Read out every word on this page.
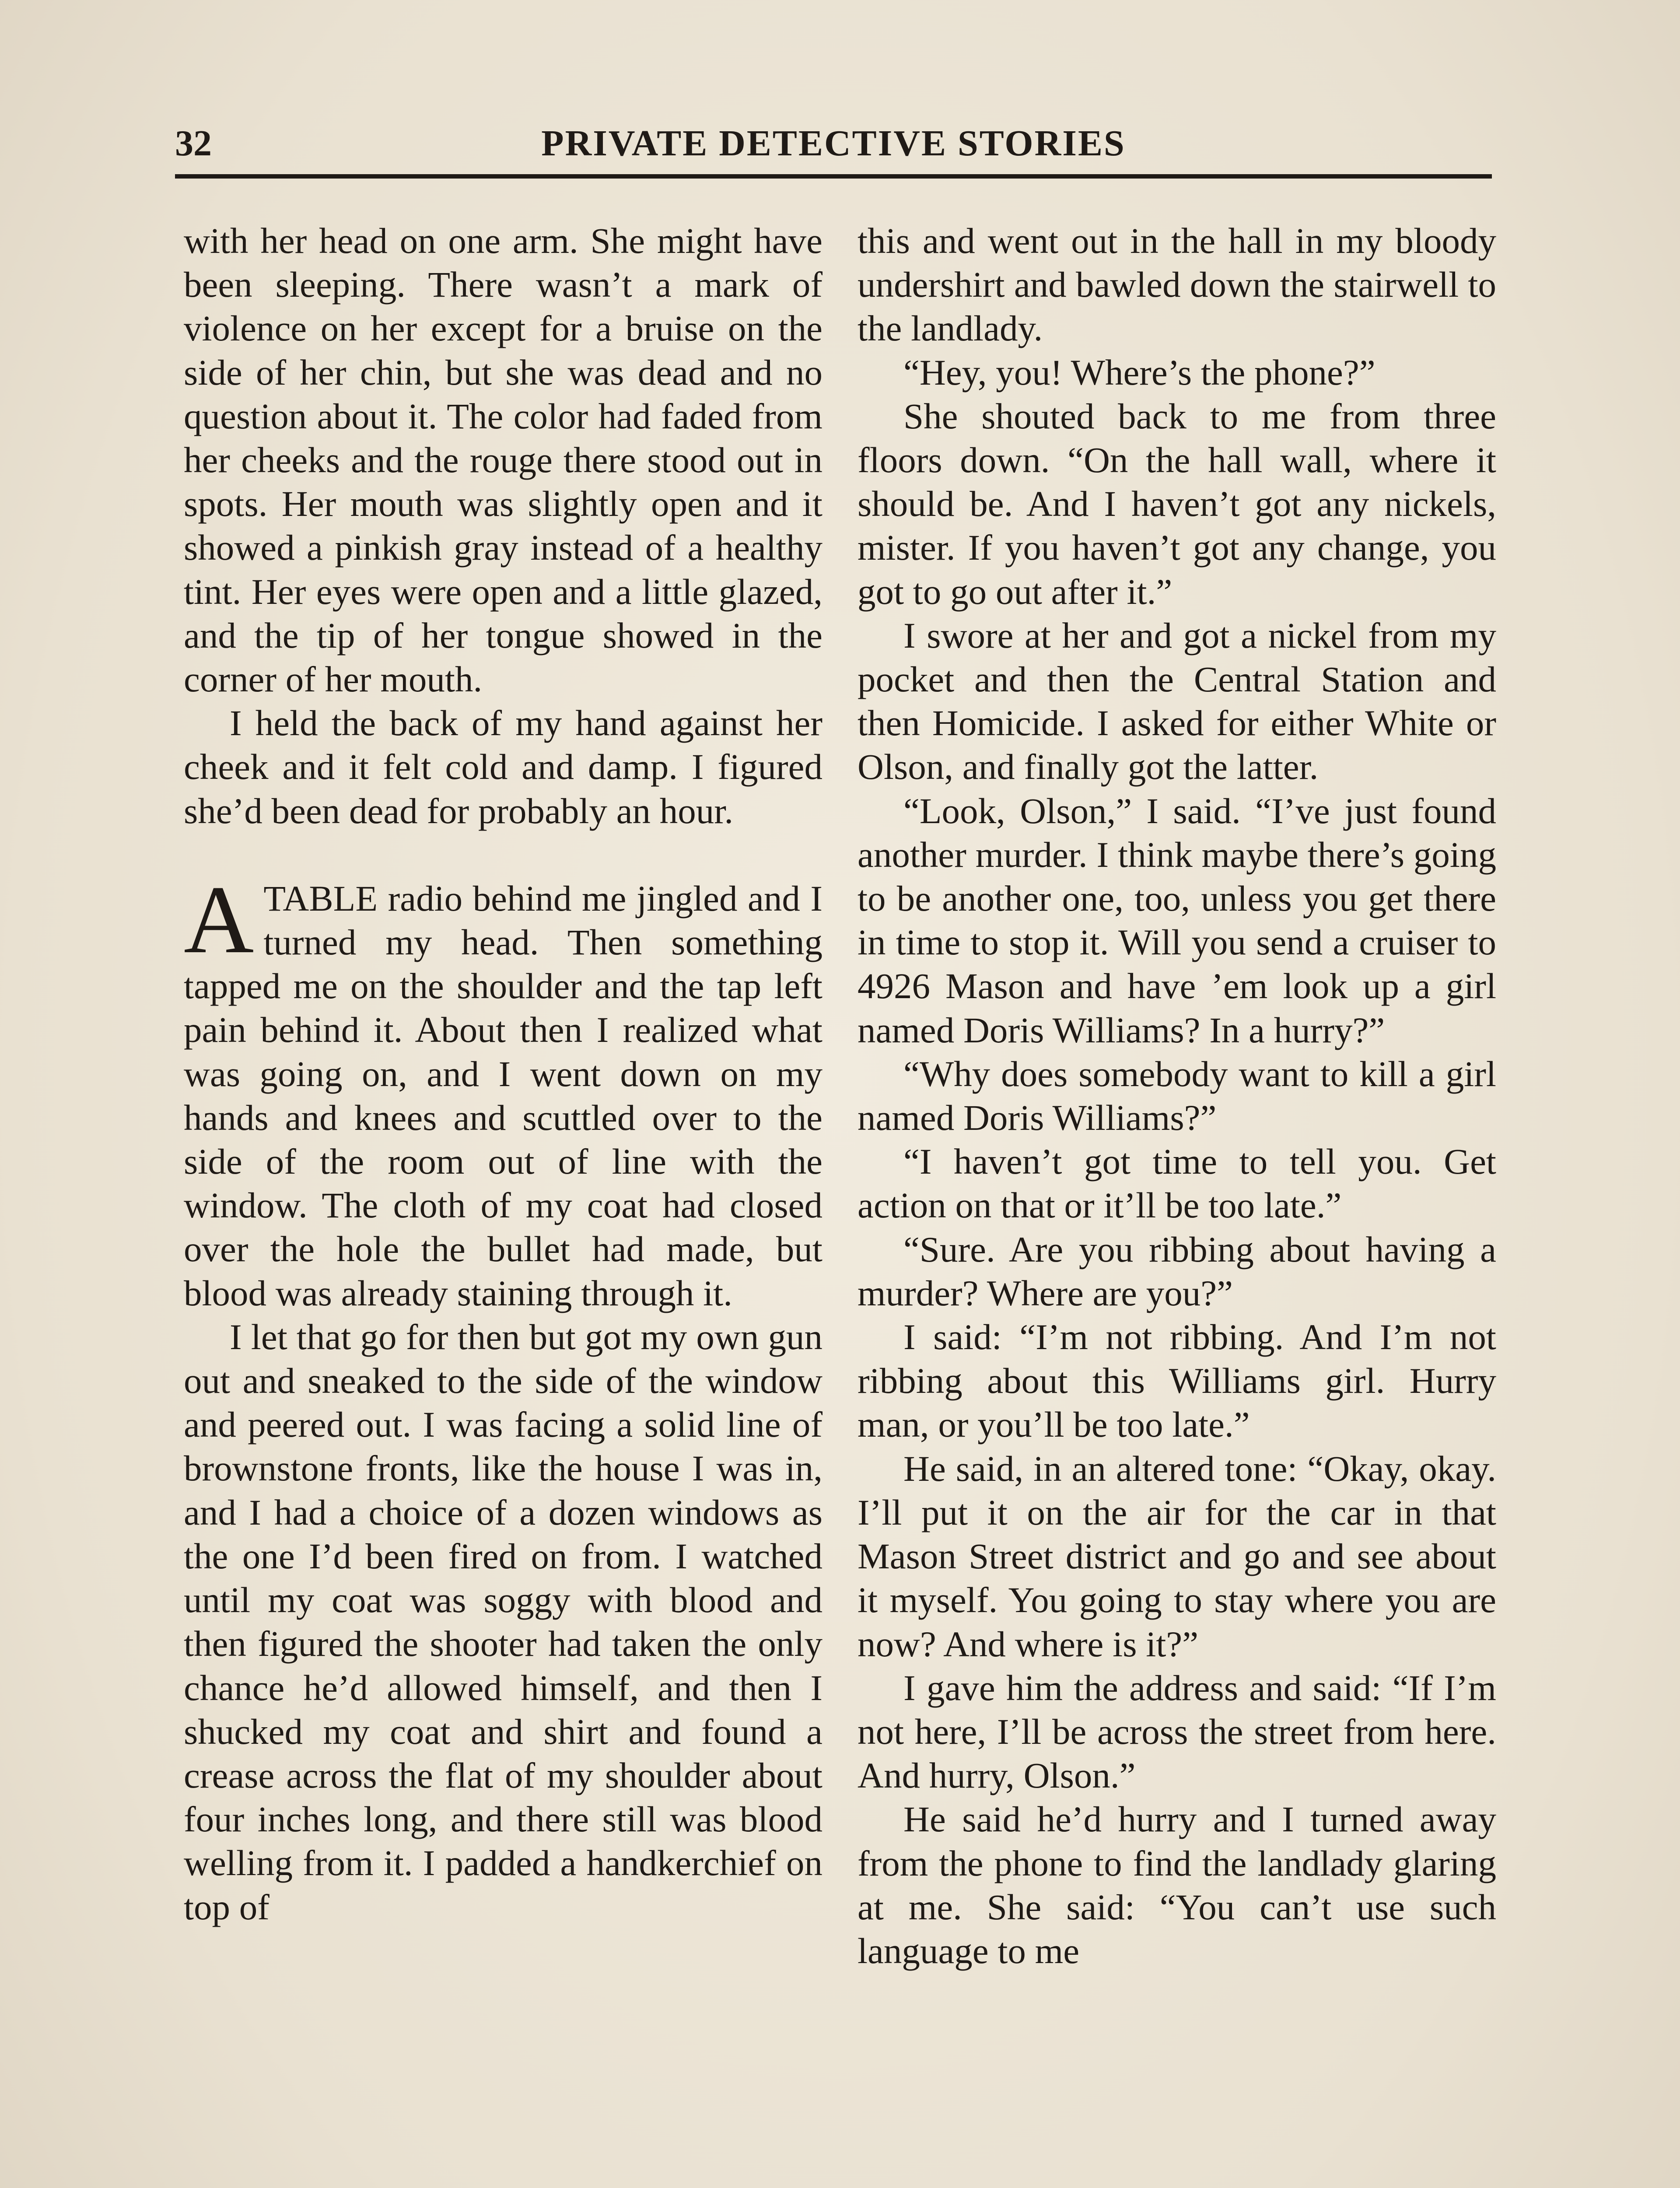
32	PRIVATE DETECTIVE STORIES

with her head on one arm. She might have been sleeping. There wasn’t a mark of violence on her except for a bruise on the side of her chin, but she was dead and no question about it. The color had faded from her cheeks and the rouge there stood out in spots. Her mouth was slightly open and it showed a pinkish gray instead of a healthy tint. Her eyes were open and a little glazed, and the tip of her tongue showed in the corner of her mouth.

I held the back of my hand against her cheek and it felt cold and damp. I figured she’d been dead for probably an hour.

ATABLE radio behind me jingled and I turned my head. Then something tapped me on the shoulder and the tap left pain behind it. About then I realized what was going on, and I went down on my hands and knees and scuttled over to the side of the room out of line with the window. The cloth of my coat had closed over the hole the bullet had made, but blood was already staining through it.

I let that go for then but got my own gun out and sneaked to the side of the window and peered out. I was facing a solid line of brownstone fronts, like the house I was in, and I had a choice of a dozen windows as the one I’d been fired on from. I watched until my coat was soggy with blood and then figured the shooter had taken the only chance he’d allowed himself, and then I shucked my coat and shirt and found a crease across the flat of my shoulder about four inches long, and there still was blood welling from it. I padded a handkerchief on top of

this and went out in the hall in my bloody undershirt and bawled down the stairwell to the landlady.

“Hey, you! Where’s the phone?”

She shouted back to me from three floors down. “On the hall wall, where it should be. And I haven’t got any nickels, mister. If you haven’t got any change, you got to go out after it.”

I swore at her and got a nickel from my pocket and then the Central Station and then Homicide. I asked for either White or Olson, and finally got the latter.

“Look, Olson,” I said. “I’ve just found another murder. I think maybe there’s going to be another one, too, unless you get there in time to stop it. Will you send a cruiser to 4926 Mason and have ’em look up a girl named Doris Williams? In a hurry?”

“Why does somebody want to kill a girl named Doris Williams?”

“I haven’t got time to tell you. Get action on that or it’ll be too late.”

“Sure. Are you ribbing about having a murder? Where are you?”

I said: “I’m not ribbing. And I’m not ribbing about this Williams girl. Hurry man, or you’ll be too late.”

He said, in an altered tone: “Okay, okay. I’ll put it on the air for the car in that Mason Street district and go and see about it myself. You going to stay where you are now? And where is it?”

I gave him the address and said: “If I’m not here, I’ll be across the street from here. And hurry, Olson.”

He said he’d hurry and I turned away from the phone to find the landlady glaring at me. She said: “You can’t use such language to me
